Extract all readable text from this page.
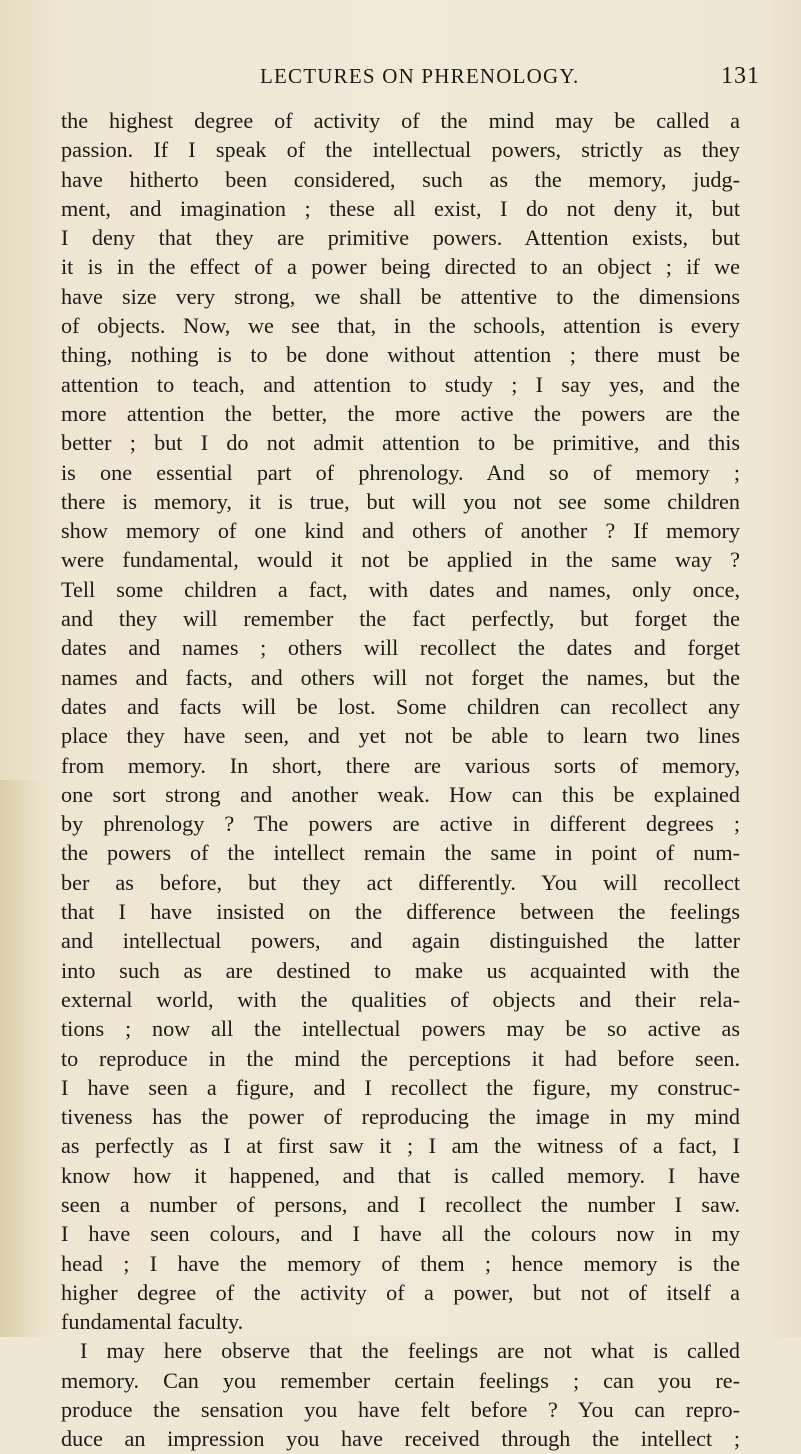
LECTURES ON PHRENOLOGY.	131
the highest degree of activity of the mind may be called a
passion. If I speak of the intellectual powers, strictly as they
have hitherto been considered, such as the memory, judg-
ment, and imagination ; these all exist, I do not deny it, but
I deny that they are primitive powers. Attention exists, but
it is in the effect of a power being directed to an object ; if we
have size very strong, we shall be attentive to the dimensions
of objects. Now, we see that, in the schools, attention is every
thing, nothing is to be done without attention ; there must be
attention to teach, and attention to study ; I say yes, and the
more attention the better, the more active the powers are the
better ; but I do not admit attention to be primitive, and this
is one essential part of phrenology. And so of memory ;
there is memory, it is true, but will you not see some children
show memory of one kind and others of another ? If memory
were fundamental, would it not be applied in the same way ?
Tell some children a fact, with dates and names, only once,
and they will remember the fact perfectly, but forget the
dates and names ; others will recollect the dates and forget
names and facts, and others will not forget the names, but the
dates and facts will be lost. Some children can recollect any
place they have seen, and yet not be able to learn two lines
from memory. In short, there are various sorts of memory,
one sort strong and another weak. How can this be explained
by phrenology ? The powers are active in different degrees ;
the powers of the intellect remain the same in point of num-
ber as before, but they act differently. You will recollect
that I have insisted on the difference between the feelings
and intellectual powers, and again distinguished the latter
into such as are destined to make us acquainted with the
external world, with the qualities of objects and their rela-
tions ; now all the intellectual powers may be so active as
to reproduce in the mind the perceptions it had before seen.
I have seen a figure, and I recollect the figure, my construc-
tiveness has the power of reproducing the image in my mind
as perfectly as I at first saw it ; I am the witness of a fact, I
know how it happened, and that is called memory. I have
seen a number of persons, and I recollect the number I saw.
I have seen colours, and I have all the colours now in my
head ; I have the memory of them ; hence memory is the
higher degree of the activity of a power, but not of itself a
fundamental faculty.
I may here observe that the feelings are not what is called
memory. Can you remember certain feelings ; can you re-
produce the sensation you have felt before ? You can repro-
duce an impression you have received through the intellect ;
